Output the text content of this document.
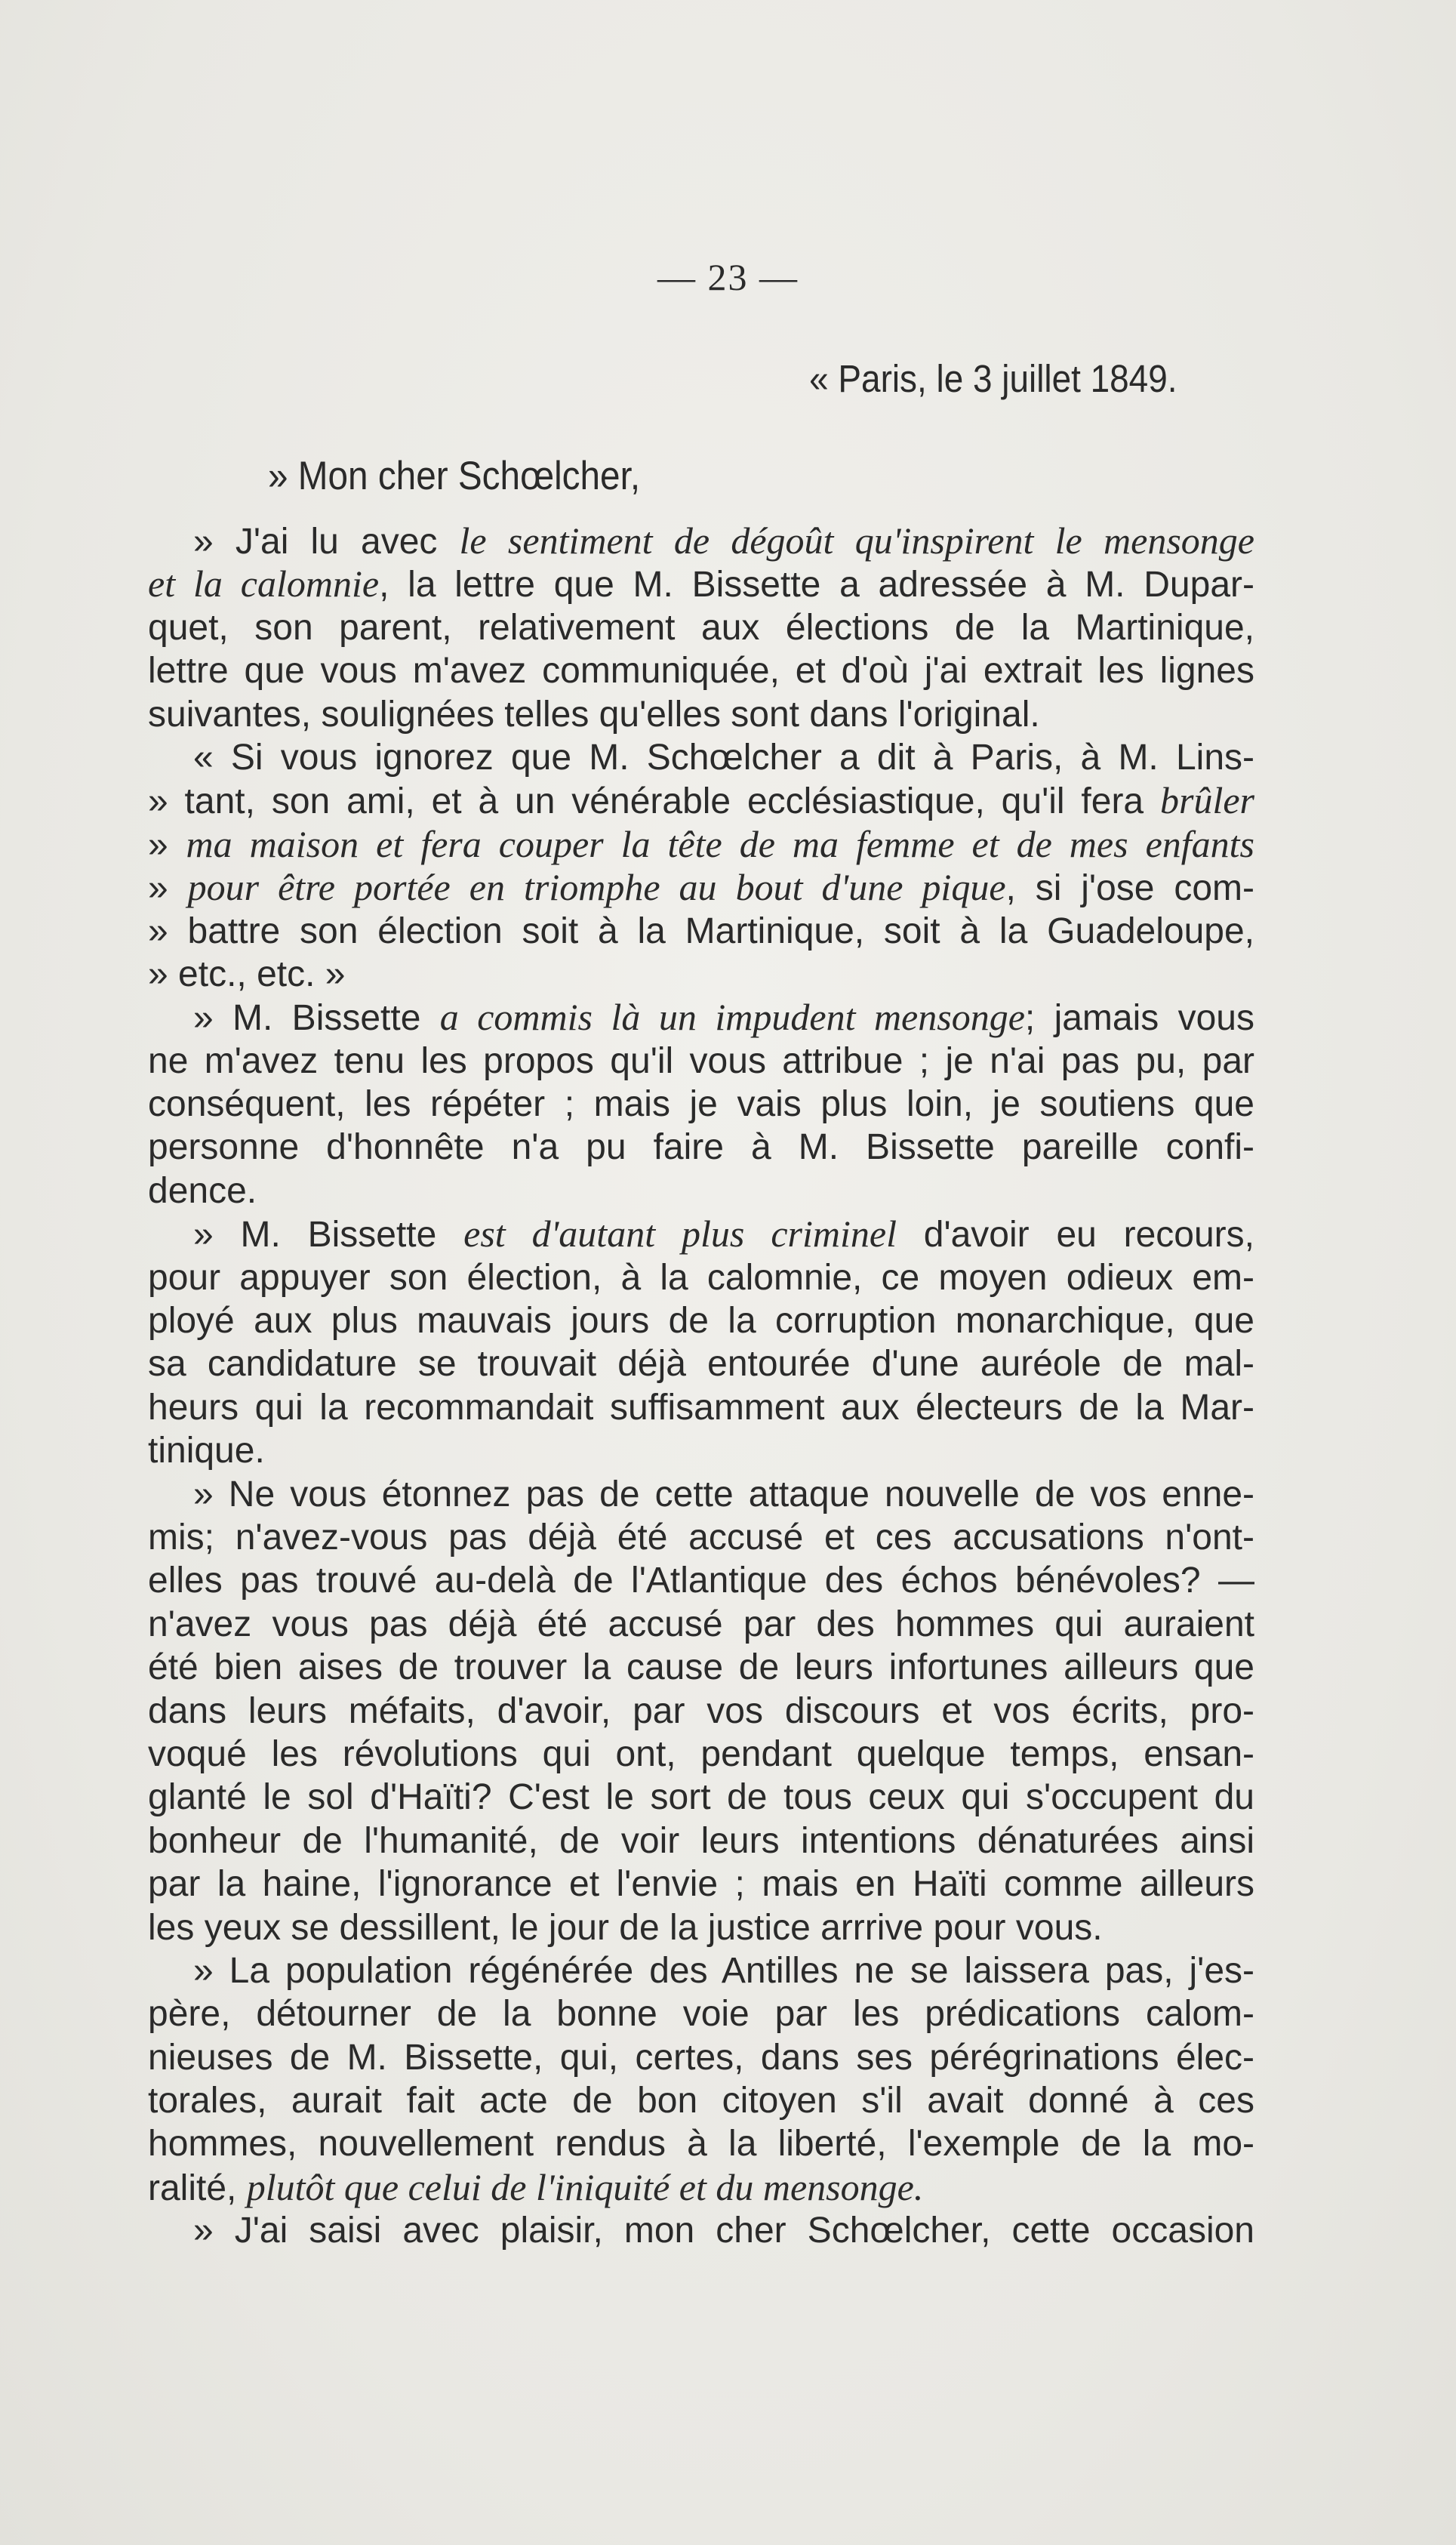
— 23 —
« Paris, le 3 juillet 1849.
» Mon cher Schœlcher,
» J'ai lu avec le sentiment de dégoût qu'inspirent le mensonge
et la calomnie, la lettre que M. Bissette a adressée à M. Dupar-
quet, son parent, relativement aux élections de la Martinique,
lettre que vous m'avez communiquée, et d'où j'ai extrait les lignes
suivantes, soulignées telles qu'elles sont dans l'original.
« Si vous ignorez que M. Schœlcher a dit à Paris, à M. Lins-
» tant, son ami, et à un vénérable ecclésiastique, qu'il fera brûler
» ma maison et fera couper la tête de ma femme et de mes enfants
» pour être portée en triomphe au bout d'une pique, si j'ose com-
» battre son élection soit à la Martinique, soit à la Guadeloupe,
» etc., etc. »
» M. Bissette a commis là un impudent mensonge; jamais vous
ne m'avez tenu les propos qu'il vous attribue ; je n'ai pas pu, par
conséquent, les répéter ; mais je vais plus loin, je soutiens que
personne d'honnête n'a pu faire à M. Bissette pareille confi-
dence.
» M. Bissette est d'autant plus criminel d'avoir eu recours,
pour appuyer son élection, à la calomnie, ce moyen odieux em-
ployé aux plus mauvais jours de la corruption monarchique, que
sa candidature se trouvait déjà entourée d'une auréole de mal-
heurs qui la recommandait suffisamment aux électeurs de la Mar-
tinique.
» Ne vous étonnez pas de cette attaque nouvelle de vos enne-
mis; n'avez-vous pas déjà été accusé et ces accusations n'ont-
elles pas trouvé au-delà de l'Atlantique des échos bénévoles? —
n'avez vous pas déjà été accusé par des hommes qui auraient
été bien aises de trouver la cause de leurs infortunes ailleurs que
dans leurs méfaits, d'avoir, par vos discours et vos écrits, pro-
voqué les révolutions qui ont, pendant quelque temps, ensan-
glanté le sol d'Haïti? C'est le sort de tous ceux qui s'occupent du
bonheur de l'humanité, de voir leurs intentions dénaturées ainsi
par la haine, l'ignorance et l'envie ; mais en Haïti comme ailleurs
les yeux se dessillent, le jour de la justice arrrive pour vous.
» La population régénérée des Antilles ne se laissera pas, j'es-
père, détourner de la bonne voie par les prédications calom-
nieuses de M. Bissette, qui, certes, dans ses pérégrinations élec-
torales, aurait fait acte de bon citoyen s'il avait donné à ces
hommes, nouvellement rendus à la liberté, l'exemple de la mo-
ralité, plutôt que celui de l'iniquité et du mensonge.
» J'ai saisi avec plaisir, mon cher Schœlcher, cette occasion
